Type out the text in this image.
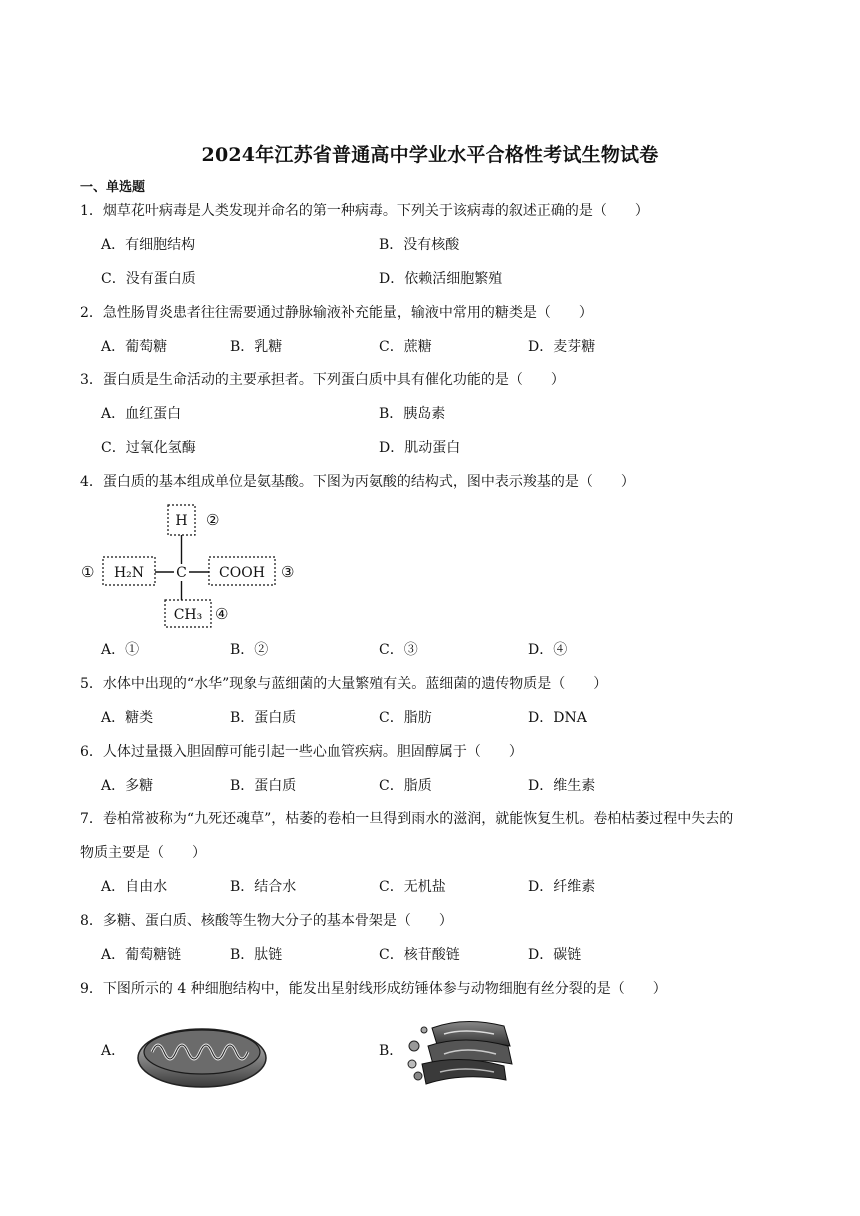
2024年江苏省普通高中学业水平合格性考试生物试卷
一、单选题
1．烟草花叶病毒是人类发现并命名的第一种病毒。下列关于该病毒的叙述正确的是（　　）
A．有细胞结构	B．没有核酸
C．没有蛋白质	D．依赖活细胞繁殖
2．急性肠胃炎患者往往需要通过静脉输液补充能量，输液中常用的糖类是（　　）
A．葡萄糖	B．乳糖	C．蔗糖	D．麦芽糖
3．蛋白质是生命活动的主要承担者。下列蛋白质中具有催化功能的是（　　）
A．血红蛋白	B．胰岛素
C．过氧化氢酶	D．肌动蛋白
4．蛋白质的基本组成单位是氨基酸。下图为丙氨酸的结构式，图中表示羧基的是（　　）
H ②
① H₂N C COOH ③
CH₃ ④
A．①	B．②	C．③	D．④
5．水体中出现的“水华”现象与蓝细菌的大量繁殖有关。蓝细菌的遗传物质是（　　）
A．糖类	B．蛋白质	C．脂肪	D．DNA
6．人体过量摄入胆固醇可能引起一些心血管疾病。胆固醇属于（　　）
A．多糖	B．蛋白质	C．脂质	D．维生素
7．卷柏常被称为“九死还魂草”，枯萎的卷柏一旦得到雨水的滋润，就能恢复生机。卷柏枯萎过程中失去的
物质主要是（　　）
A．自由水	B．结合水	C．无机盐	D．纤维素
8．多糖、蛋白质、核酸等生物大分子的基本骨架是（　　）
A．葡萄糖链	B．肽链	C．核苷酸链	D．碳链
9．下图所示的 4 种细胞结构中，能发出星射线形成纺锤体参与动物细胞有丝分裂的是（　　）
A．	B．
